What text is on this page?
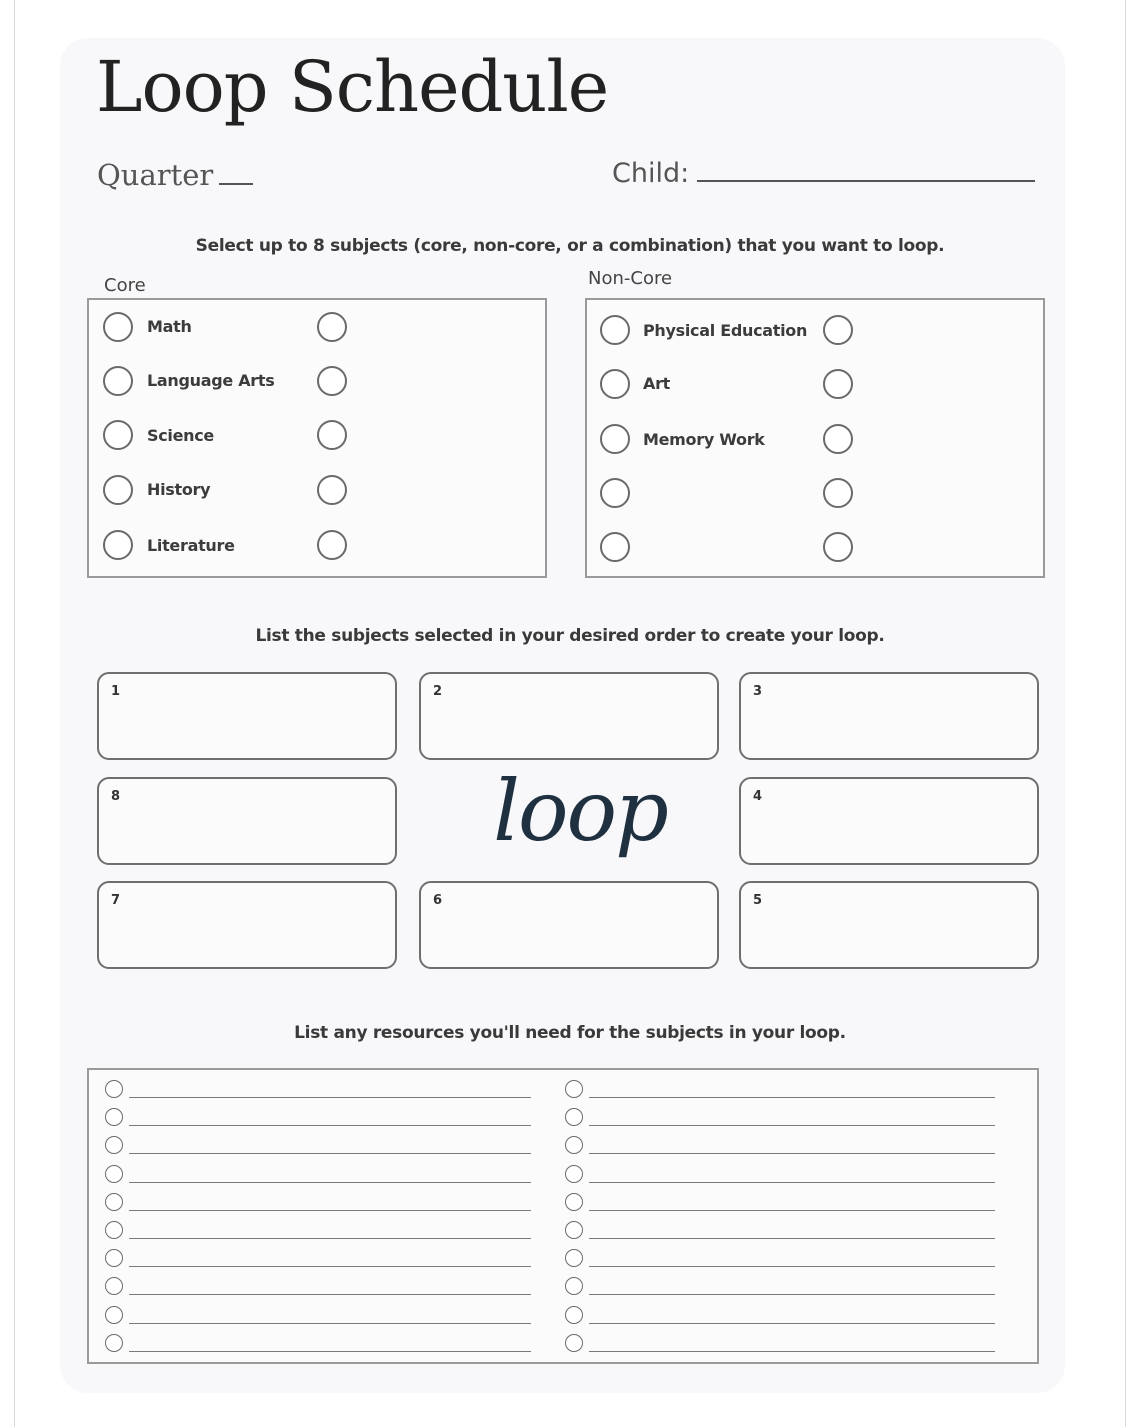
Loop Schedule
Quarter	Child:
Select up to 8 subjects (core, non-core, or a combination) that you want to loop.
Core
Math
Language Arts
Science
History
Literature
Non-Core
Physical Education
Art
Memory Work
List the subjects selected in your desired order to create your loop.
1	2	3
8	loop	4
7	6	5
List any resources you'll need for the subjects in your loop.
